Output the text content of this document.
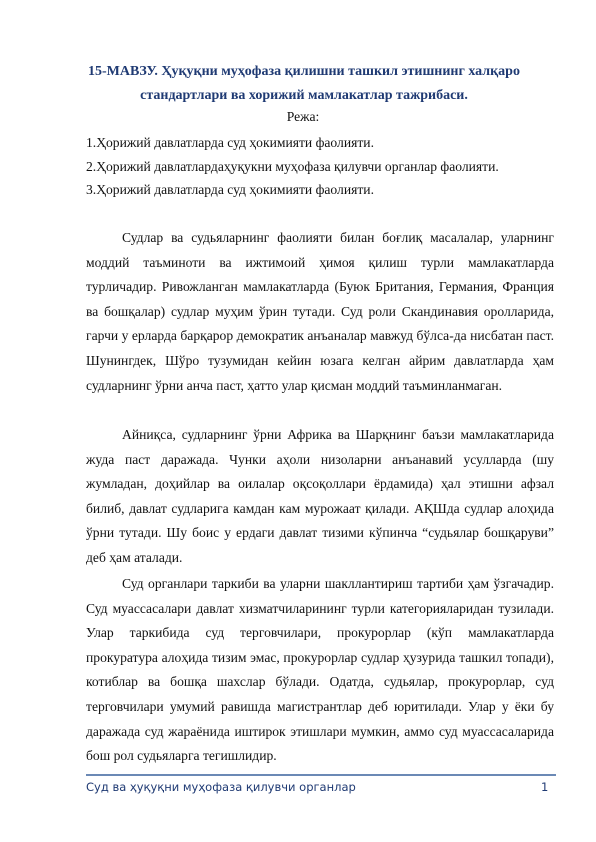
15-МАВЗУ. Ҳуқуқни муҳофаза қилишни ташкил этишнинг халқаро стандартлари ва хорижий мамлакатлар тажрибаси.
Режа:
1.Ҳорижий давлатларда суд ҳокимияти фаолияти.
2.Ҳорижий давлатлардаҳуқукни муҳофаза қилувчи органлар фаолияти.
3.Ҳорижий давлатларда суд ҳокимияти фаолияти.

Судлар ва судьяларнинг фаолияти билан боғлиқ масалалар, уларнинг моддий таъминоти ва ижтимоий ҳимоя қилиш турли мамлакатларда турличадир. Ривожланган мамлакатларда (Буюк Британия, Германия, Франция ва бошқалар) судлар муҳим ўрин тутади. Суд роли Скандинавия оролларида, гарчи у ерларда барқарор демократик анъаналар мавжуд бўлса-да нисбатан паст. Шунингдек, Шўро тузумидан кейин юзага келган айрим давлатларда ҳам судларнинг ўрни анча паст, ҳатто улар қисман моддий таъминланмаган.

Айниқса, судларнинг ўрни Африка ва Шарқнинг баъзи мамлакатларида жуда паст даражада. Чунки аҳоли низоларни анъанавий усулларда (шу жумладан, доҳийлар ва оилалар оқсоқоллари ёрдамида) ҳал этишни афзал билиб, давлат судларига камдан кам мурожаат қилади. АҚШда судлар алоҳида ўрни тутади. Шу боис у ердаги давлат тизими кўпинча “судьялар бошқаруви” деб ҳам аталади.

Суд органлари таркиби ва уларни шакллантириш тартиби ҳам ўзгачадир. Суд муассасалари давлат хизматчиларининг турли категорияларидан тузилади. Улар таркибида суд терговчилари, прокурорлар (кўп мамлакатларда прокуратура алоҳида тизим эмас, прокурорлар судлар ҳузурида ташкил топади), котиблар ва бошқа шахслар бўлади. Одатда, судьялар, прокурорлар, суд терговчилари умумий равишда магистрантлар деб юритилади. Улар у ёки бу даражада суд жараёнида иштирок этишлари мумкин, аммо суд муассасаларида бош рол судьяларга тегишлидир.

Суд ва ҳуқуқни муҳофаза қилувчи органлар	1
